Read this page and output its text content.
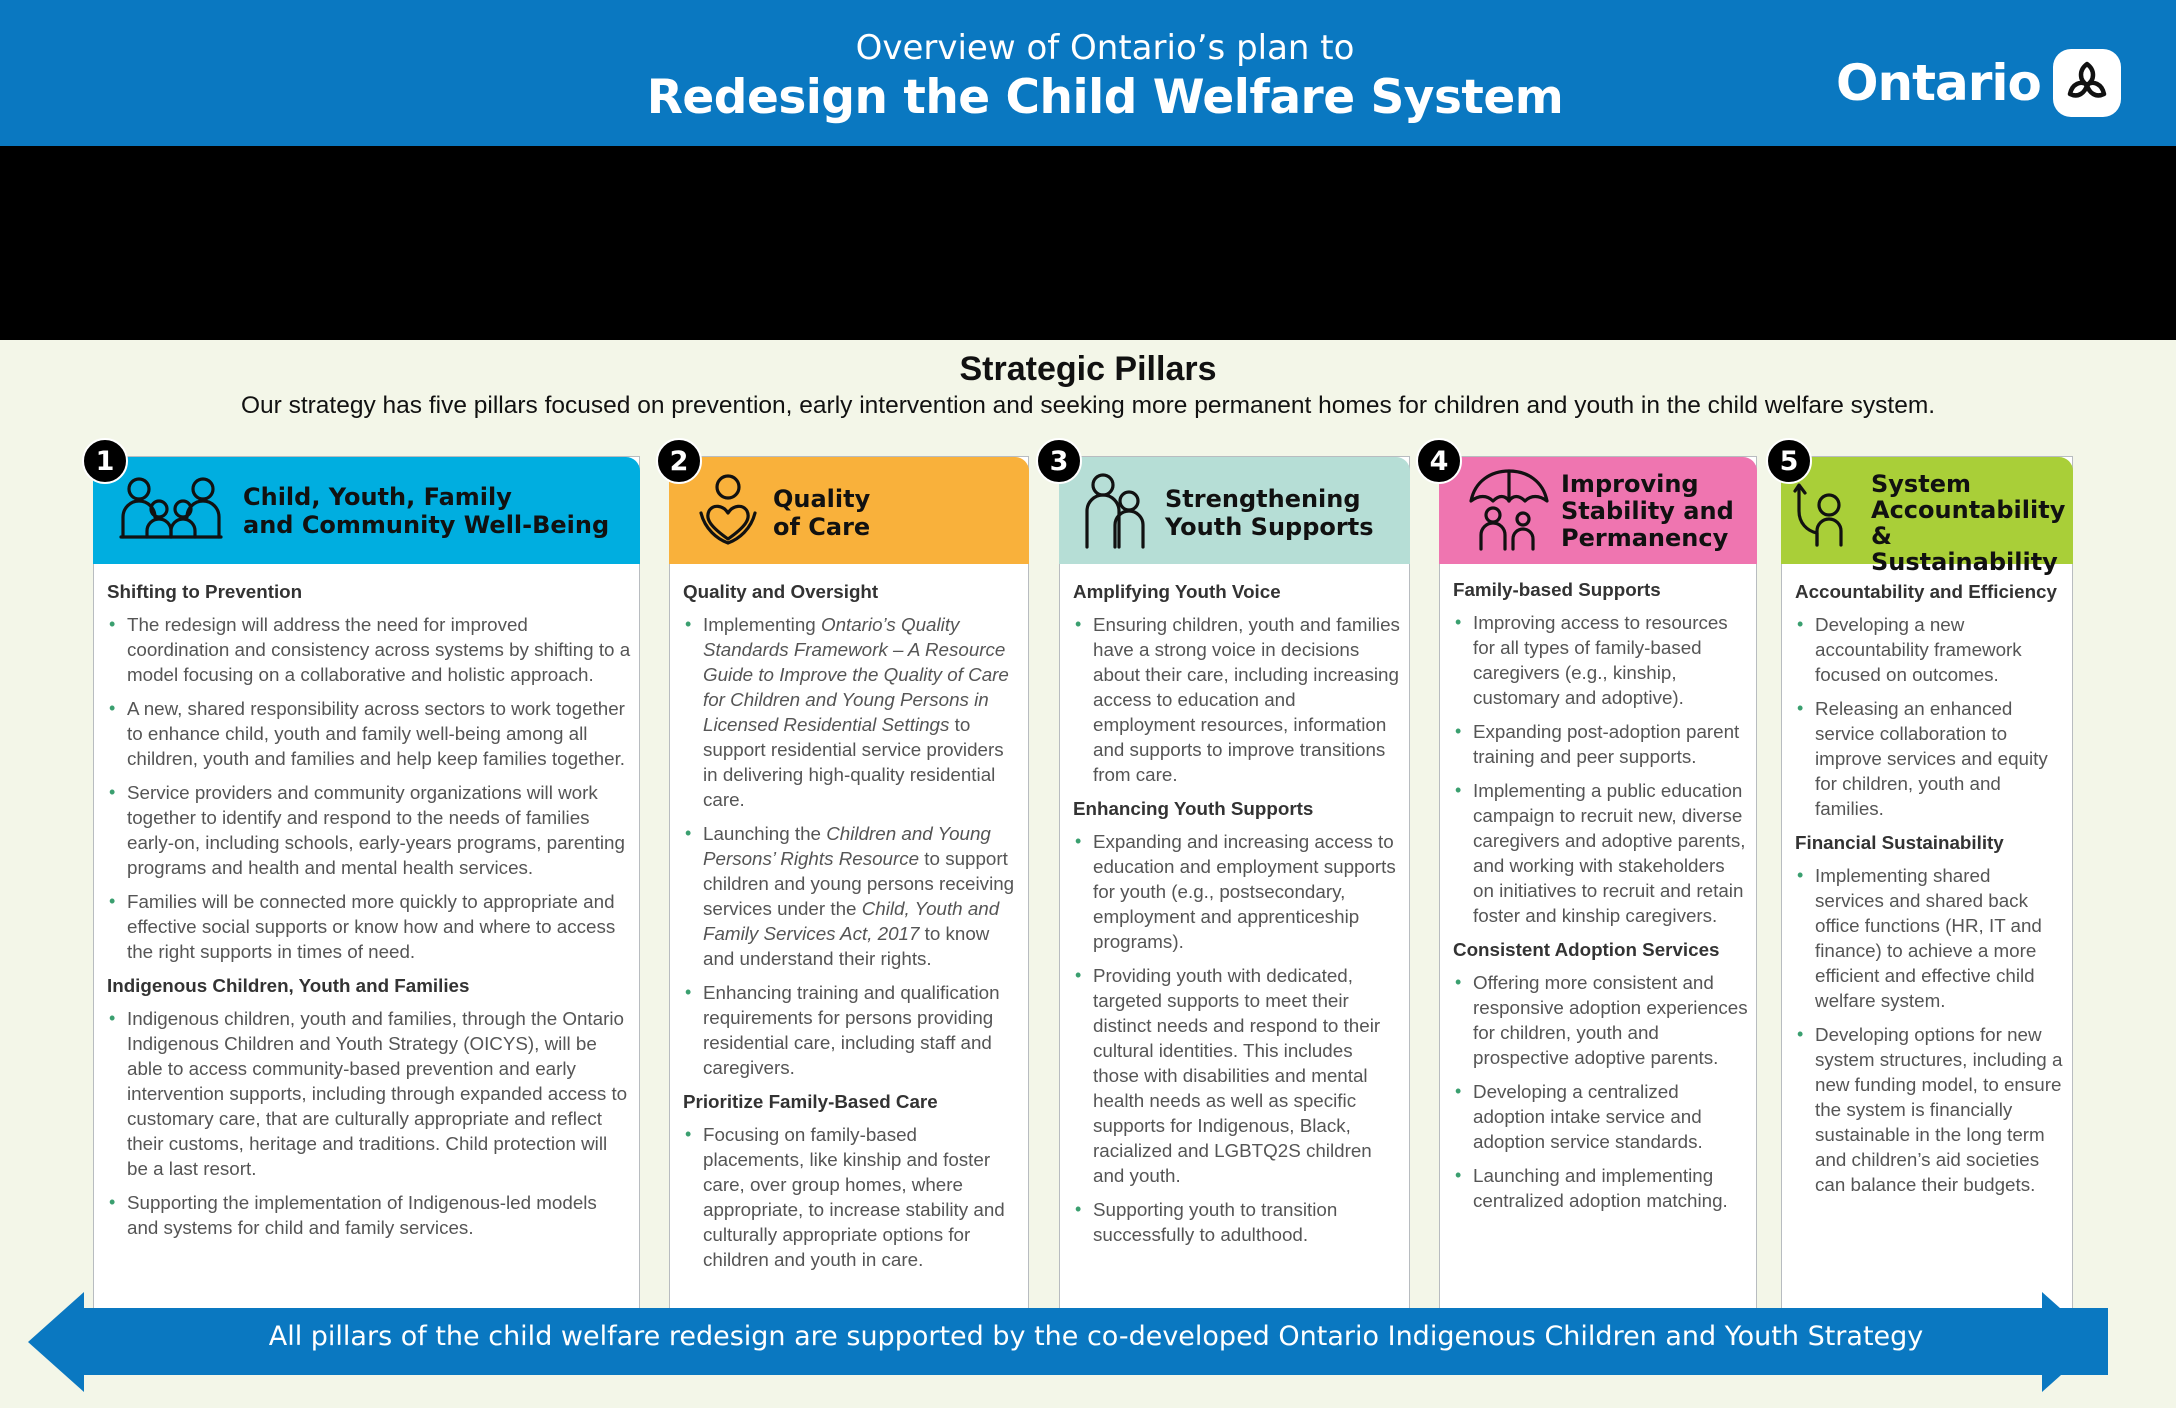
Overview of Ontario’s plan to
Redesign the Child Welfare System	Ontario
Strategic Pillars
Our strategy has five pillars focused on prevention, early intervention and seeking more permanent homes for children and youth in the child welfare system.
1
Child, Youth, Family
and Community Well-Being
Shifting to Prevention
• The redesign will address the need for improved coordination and consistency across systems by shifting to a model focusing on a collaborative and holistic approach.
• A new, shared responsibility across sectors to work together to enhance child, youth and family well-being among all children, youth and families and help keep families together.
• Service providers and community organizations will work together to identify and respond to the needs of families early-on, including schools, early-years programs, parenting programs and health and mental health services.
• Families will be connected more quickly to appropriate and effective social supports or know how and where to access the right supports in times of need.
Indigenous Children, Youth and Families
• Indigenous children, youth and families, through the Ontario Indigenous Children and Youth Strategy (OICYS), will be able to access community-based prevention and early intervention supports, including through expanded access to customary care, that are culturally appropriate and reflect their customs, heritage and traditions. Child protection will be a last resort.
• Supporting the implementation of Indigenous-led models and systems for child and family services.
2
Quality
of Care
Quality and Oversight
• Implementing Ontario’s Quality Standards Framework – A Resource Guide to Improve the Quality of Care for Children and Young Persons in Licensed Residential Settings to support residential service providers in delivering high-quality residential care.
• Launching the Children and Young Persons’ Rights Resource to support children and young persons receiving services under the Child, Youth and Family Services Act, 2017 to know and understand their rights.
• Enhancing training and qualification requirements for persons providing residential care, including staff and caregivers.
Prioritize Family-Based Care
• Focusing on family-based placements, like kinship and foster care, over group homes, where appropriate, to increase stability and culturally appropriate options for children and youth in care.
3
Strengthening
Youth Supports
Amplifying Youth Voice
• Ensuring children, youth and families have a strong voice in decisions about their care, including increasing access to education and employment resources, information and supports to improve transitions from care.
Enhancing Youth Supports
• Expanding and increasing access to education and employment supports for youth (e.g., postsecondary, employment and apprenticeship programs).
• Providing youth with dedicated, targeted supports to meet their distinct needs and respond to their cultural identities. This includes those with disabilities and mental health needs as well as specific supports for Indigenous, Black, racialized and LGBTQ2S children and youth.
• Supporting youth to transition successfully to adulthood.
4
Improving
Stability and
Permanency
Family-based Supports
• Improving access to resources for all types of family-based caregivers (e.g., kinship, customary and adoptive).
• Expanding post-adoption parent training and peer supports.
• Implementing a public education campaign to recruit new, diverse caregivers and adoptive parents, and working with stakeholders on initiatives to recruit and retain foster and kinship caregivers.
Consistent Adoption Services
• Offering more consistent and responsive adoption experiences for children, youth and prospective adoptive parents.
• Developing a centralized adoption intake service and adoption service standards.
• Launching and implementing centralized adoption matching.
5
System
Accountability
& Sustainability
Accountability and Efficiency
• Developing a new accountability framework focused on outcomes.
• Releasing an enhanced service collaboration to improve services and equity for children, youth and families.
Financial Sustainability
• Implementing shared services and shared back office functions (HR, IT and finance) to achieve a more efficient and effective child welfare system.
• Developing options for new system structures, including a new funding model, to ensure the system is financially sustainable in the long term and children’s aid societies can balance their budgets.
All pillars of the child welfare redesign are supported by the co-developed Ontario Indigenous Children and Youth Strategy
